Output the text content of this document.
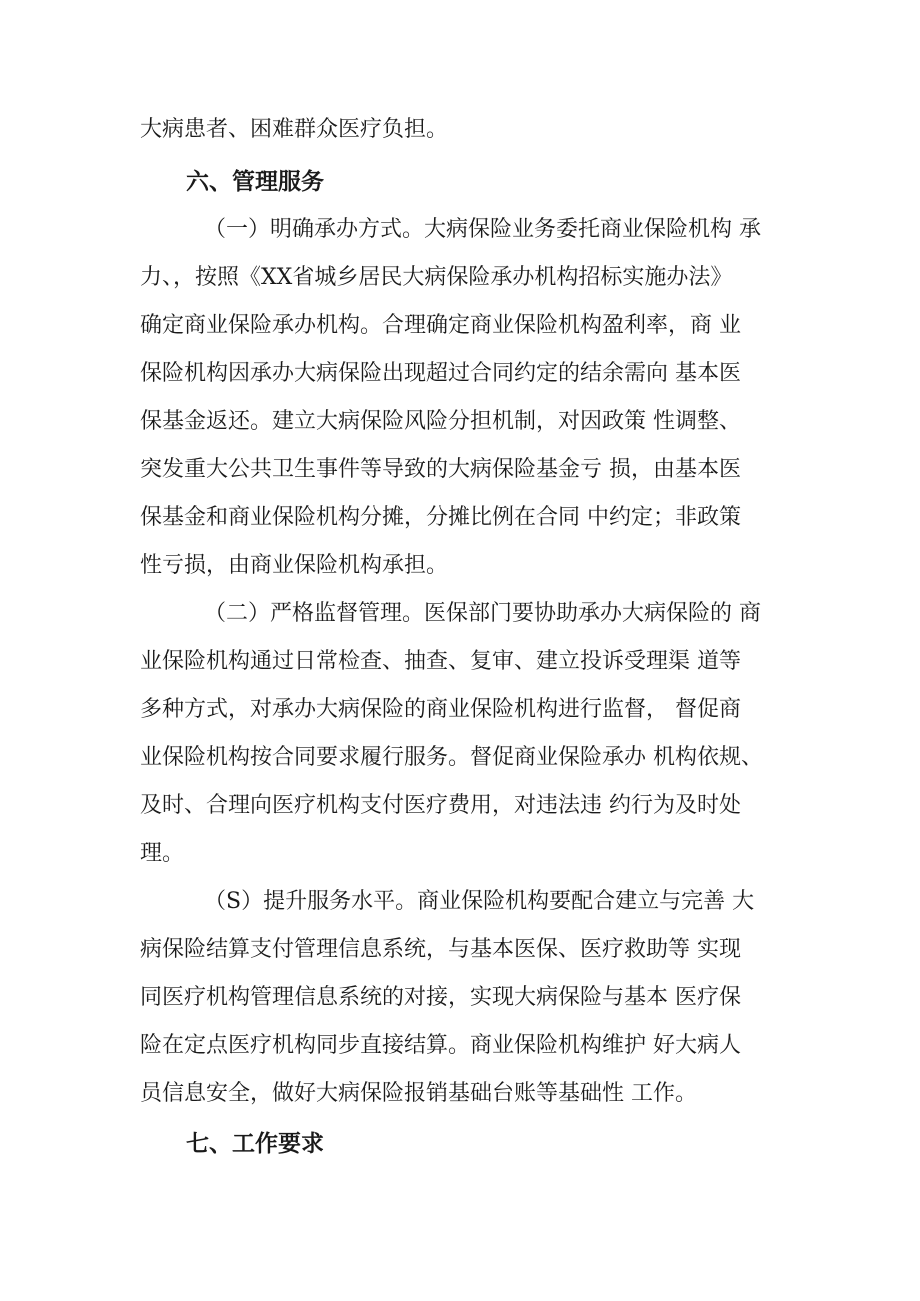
大病患者、困难群众医疗负担。
六、管理服务
（一）明确承办方式。大病保险业务委托商业保险机构 承
力、，按照《XX省城乡居民大病保险承办机构招标实施办法》
确定商业保险承办机构。合理确定商业保险机构盈利率，商 业
保险机构因承办大病保险出现超过合同约定的结余需向 基本医
保基金返还。建立大病保险风险分担机制，对因政策 性调整、
突发重大公共卫生事件等导致的大病保险基金亏 损，由基本医
保基金和商业保险机构分摊，分摊比例在合同 中约定；非政策
性亏损，由商业保险机构承担。
（二）严格监督管理。医保部门要协助承办大病保险的 商
业保险机构通过日常检查、抽查、复审、建立投诉受理渠 道等
多种方式，对承办大病保险的商业保险机构进行监督， 督促商
业保险机构按合同要求履行服务。督促商业保险承办 机构依规、
及时、合理向医疗机构支付医疗费用，对违法违 约行为及时处
理。
（S）提升服务水平。商业保险机构要配合建立与完善 大
病保险结算支付管理信息系统，与基本医保、医疗救助等 实现
同医疗机构管理信息系统的对接，实现大病保险与基本 医疗保
险在定点医疗机构同步直接结算。商业保险机构维护 好大病人
员信息安全，做好大病保险报销基础台账等基础性 工作。
七、工作要求
